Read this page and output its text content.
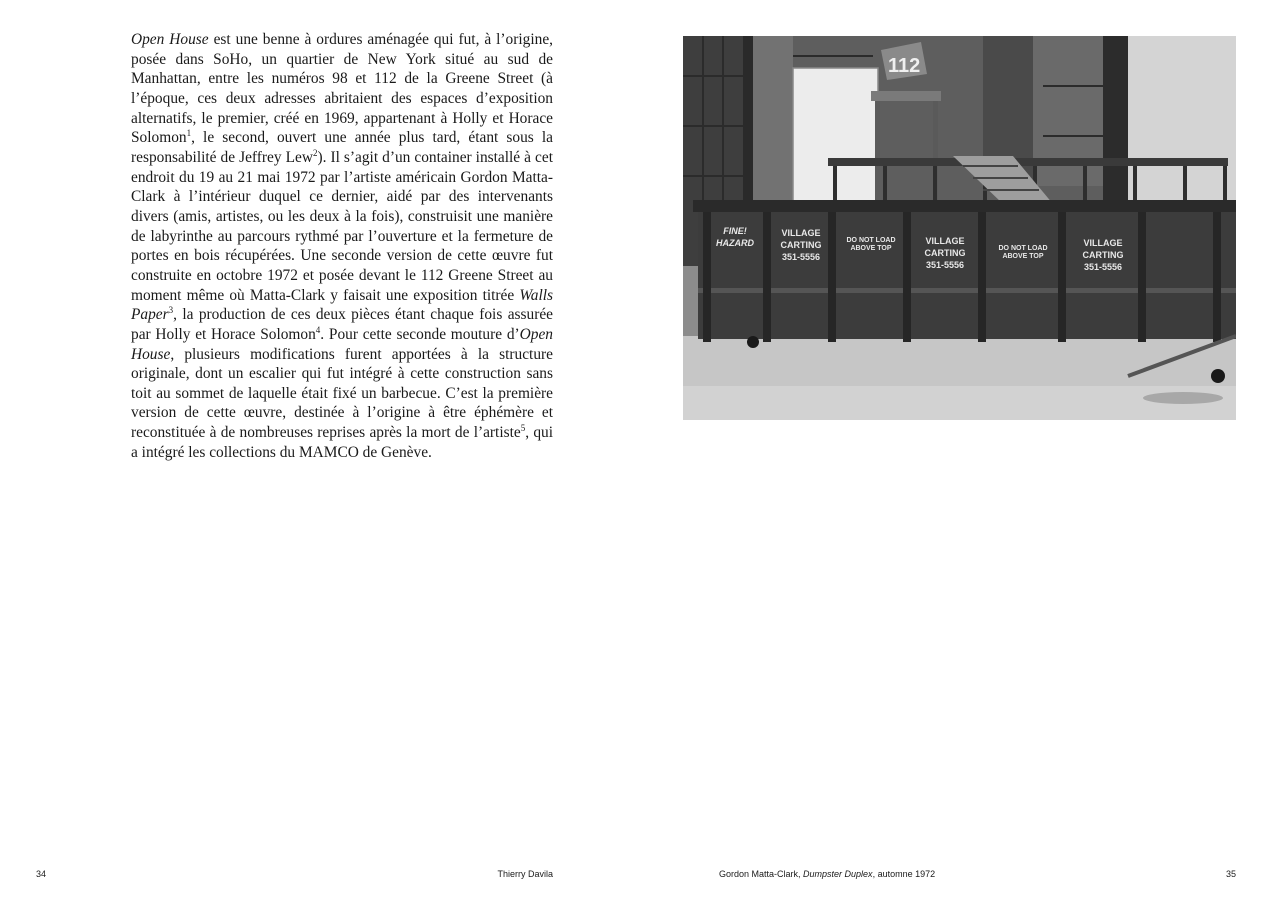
Open House est une benne à ordures aménagée qui fut, à l’origine, posée dans SoHo, un quartier de New York situé au sud de Manhattan, entre les numéros 98 et 112 de la Greene Street (à l’époque, ces deux adresses abritaient des espaces d’exposition alternatifs, le premier, créé en 1969, appartenant à Holly et Horace Solomon$^1$, le second, ouvert une année plus tard, étant sous la responsabilité de Jeffrey Lew$^2$). Il s’agit d’un container installé à cet endroit du 19 au 21 mai 1972 par l’artiste américain Gordon Matta-Clark à l’intérieur duquel ce dernier, aidé par des intervenants divers (amis, artistes, ou les deux à la fois), construisit une manière de labyrinthe au parcours rythmé par l’ouverture et la fermeture de portes en bois récupérées. Une seconde version de cette œuvre fut construite en octobre 1972 et posée devant le 112 Greene Street au moment même où Matta-Clark y faisait une exposition titrée Walls Paper$^3$, la production de ces deux pièces étant chaque fois assurée par Holly et Horace Solomon$^4$. Pour cette seconde mouture d’Open House, plusieurs modifications furent apportées à la structure originale, dont un escalier qui fut intégré à cette construction sans toit au sommet de laquelle était fixé un barbecue. C’est la première version de cette œuvre, destinée à l’origine à être éphémère et reconstituée à de nombreuses reprises après la mort de l’artiste$^5$, qui a intégré les collections du MAMCO de Genève.

112
VILLAGE
CARTING
351-5556
DO NOT LOAD
ABOVE TOP
VILLAGE
CARTING
351-5556
DO NOT LOAD
ABOVE TOP
VILLAGE
CARTING
351-5556
FINE!
HAZARD
34	Thierry Davila	Gordon Matta-Clark, Dumpster Duplex, automne 1972	35
